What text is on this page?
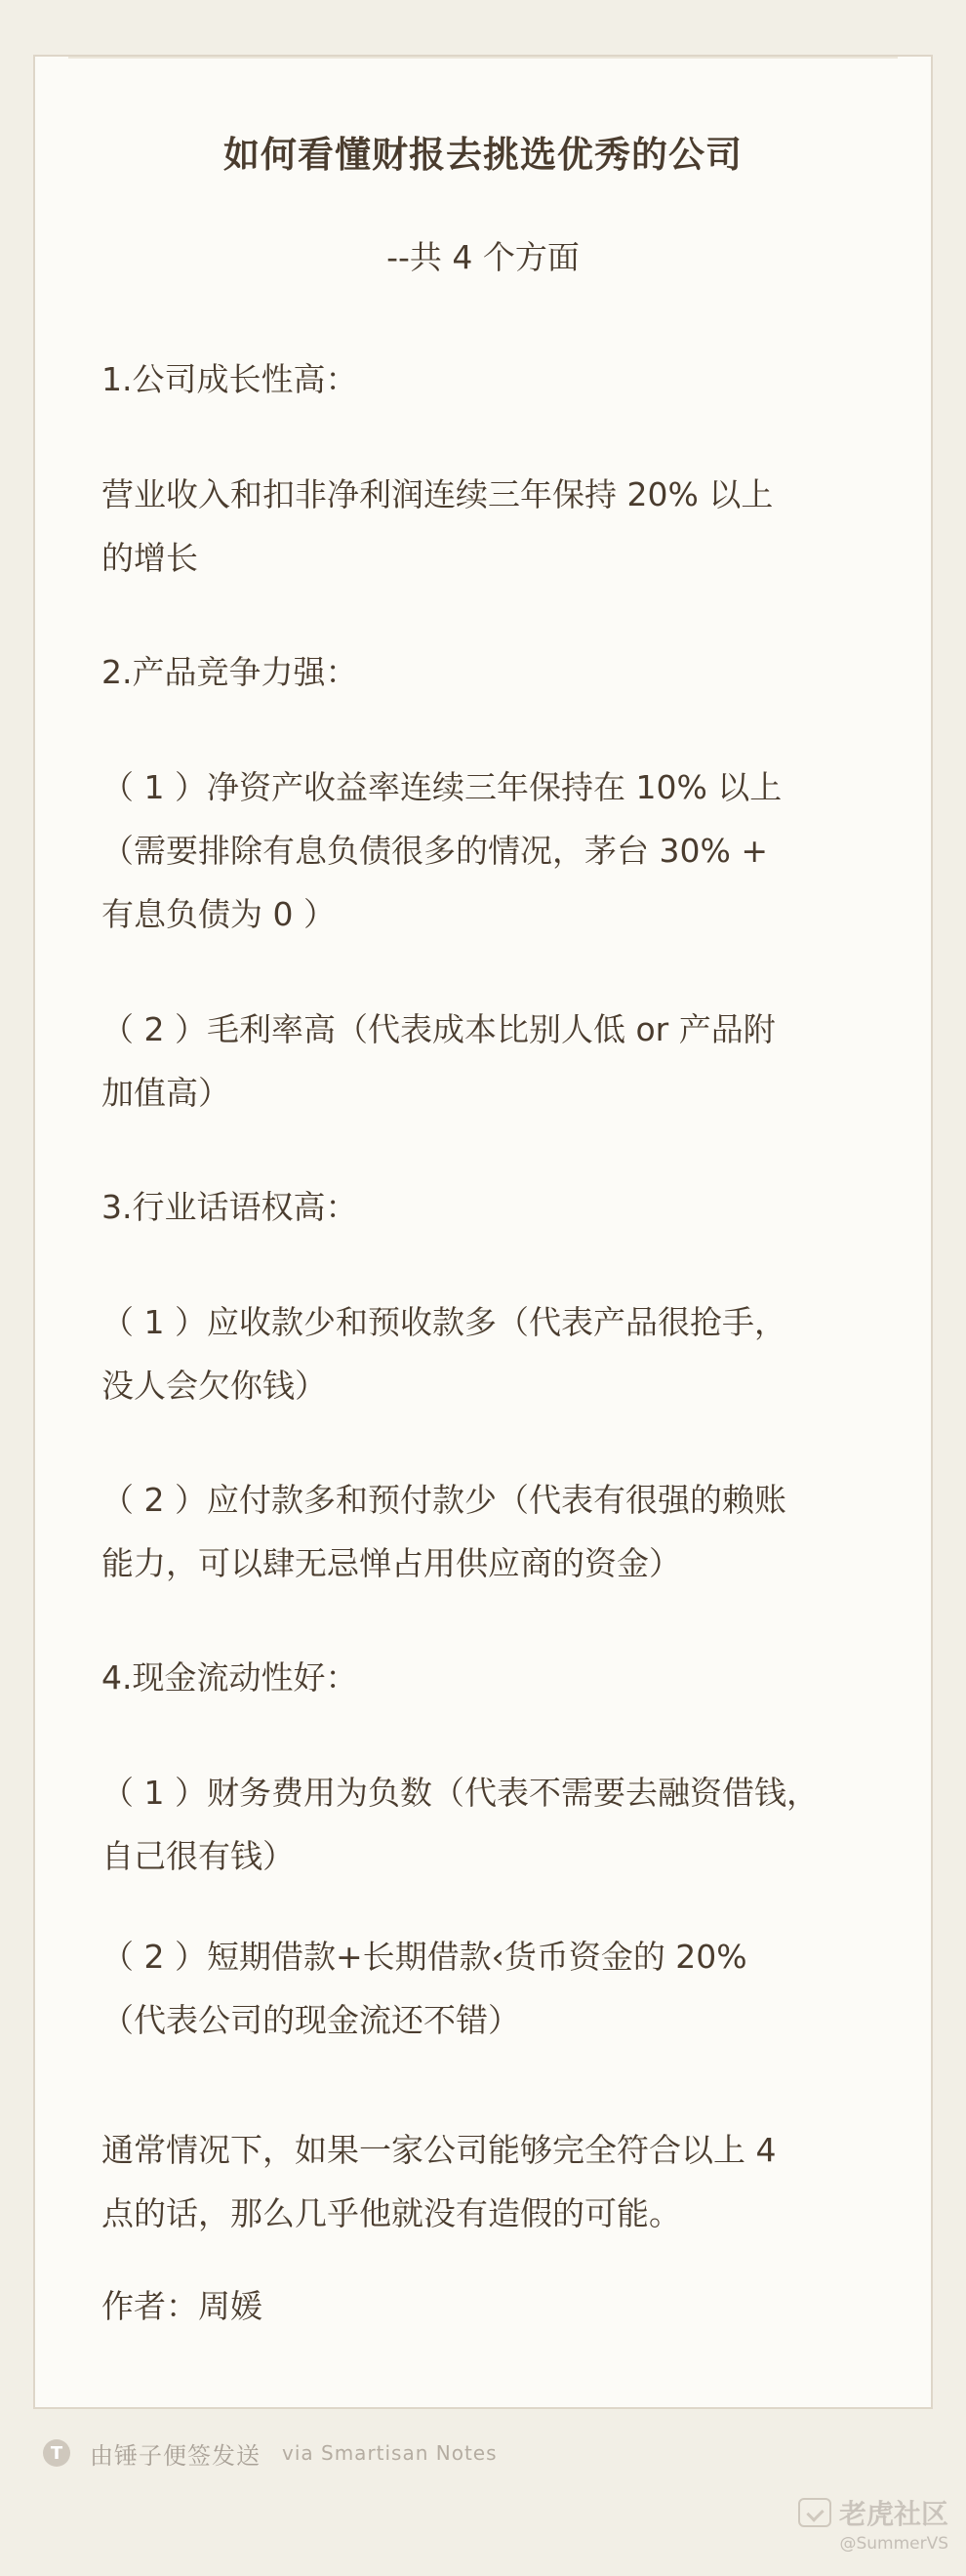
如何看懂财报去挑选优秀的公司
--共 4 个方面
1.公司成长性高：
营业收入和扣非净利润连续三年保持 20% 以上
的增长
2.产品竞争力强：
（ 1 ）净资产收益率连续三年保持在 10% 以上
（需要排除有息负债很多的情况，茅台 30% +
有息负债为 0 ）
（ 2 ）毛利率高（代表成本比别人低 or 产品附
加值高）
3.行业话语权高：
（ 1 ）应收款少和预收款多（代表产品很抢手，
没人会欠你钱）
（ 2 ）应付款多和预付款少（代表有很强的赖账
能力，可以肆无忌惮占用供应商的资金）
4.现金流动性好：
（ 1 ）财务费用为负数（代表不需要去融资借钱，
自己很有钱）
（ 2 ）短期借款+长期借款‹货币资金的 20%
（代表公司的现金流还不错）
通常情况下，如果一家公司能够完全符合以上 4
点的话，那么几乎他就没有造假的可能。
作者：周媛
T	由锤子便签发送 via Smartisan Notes
老虎社区
@SummerVS
